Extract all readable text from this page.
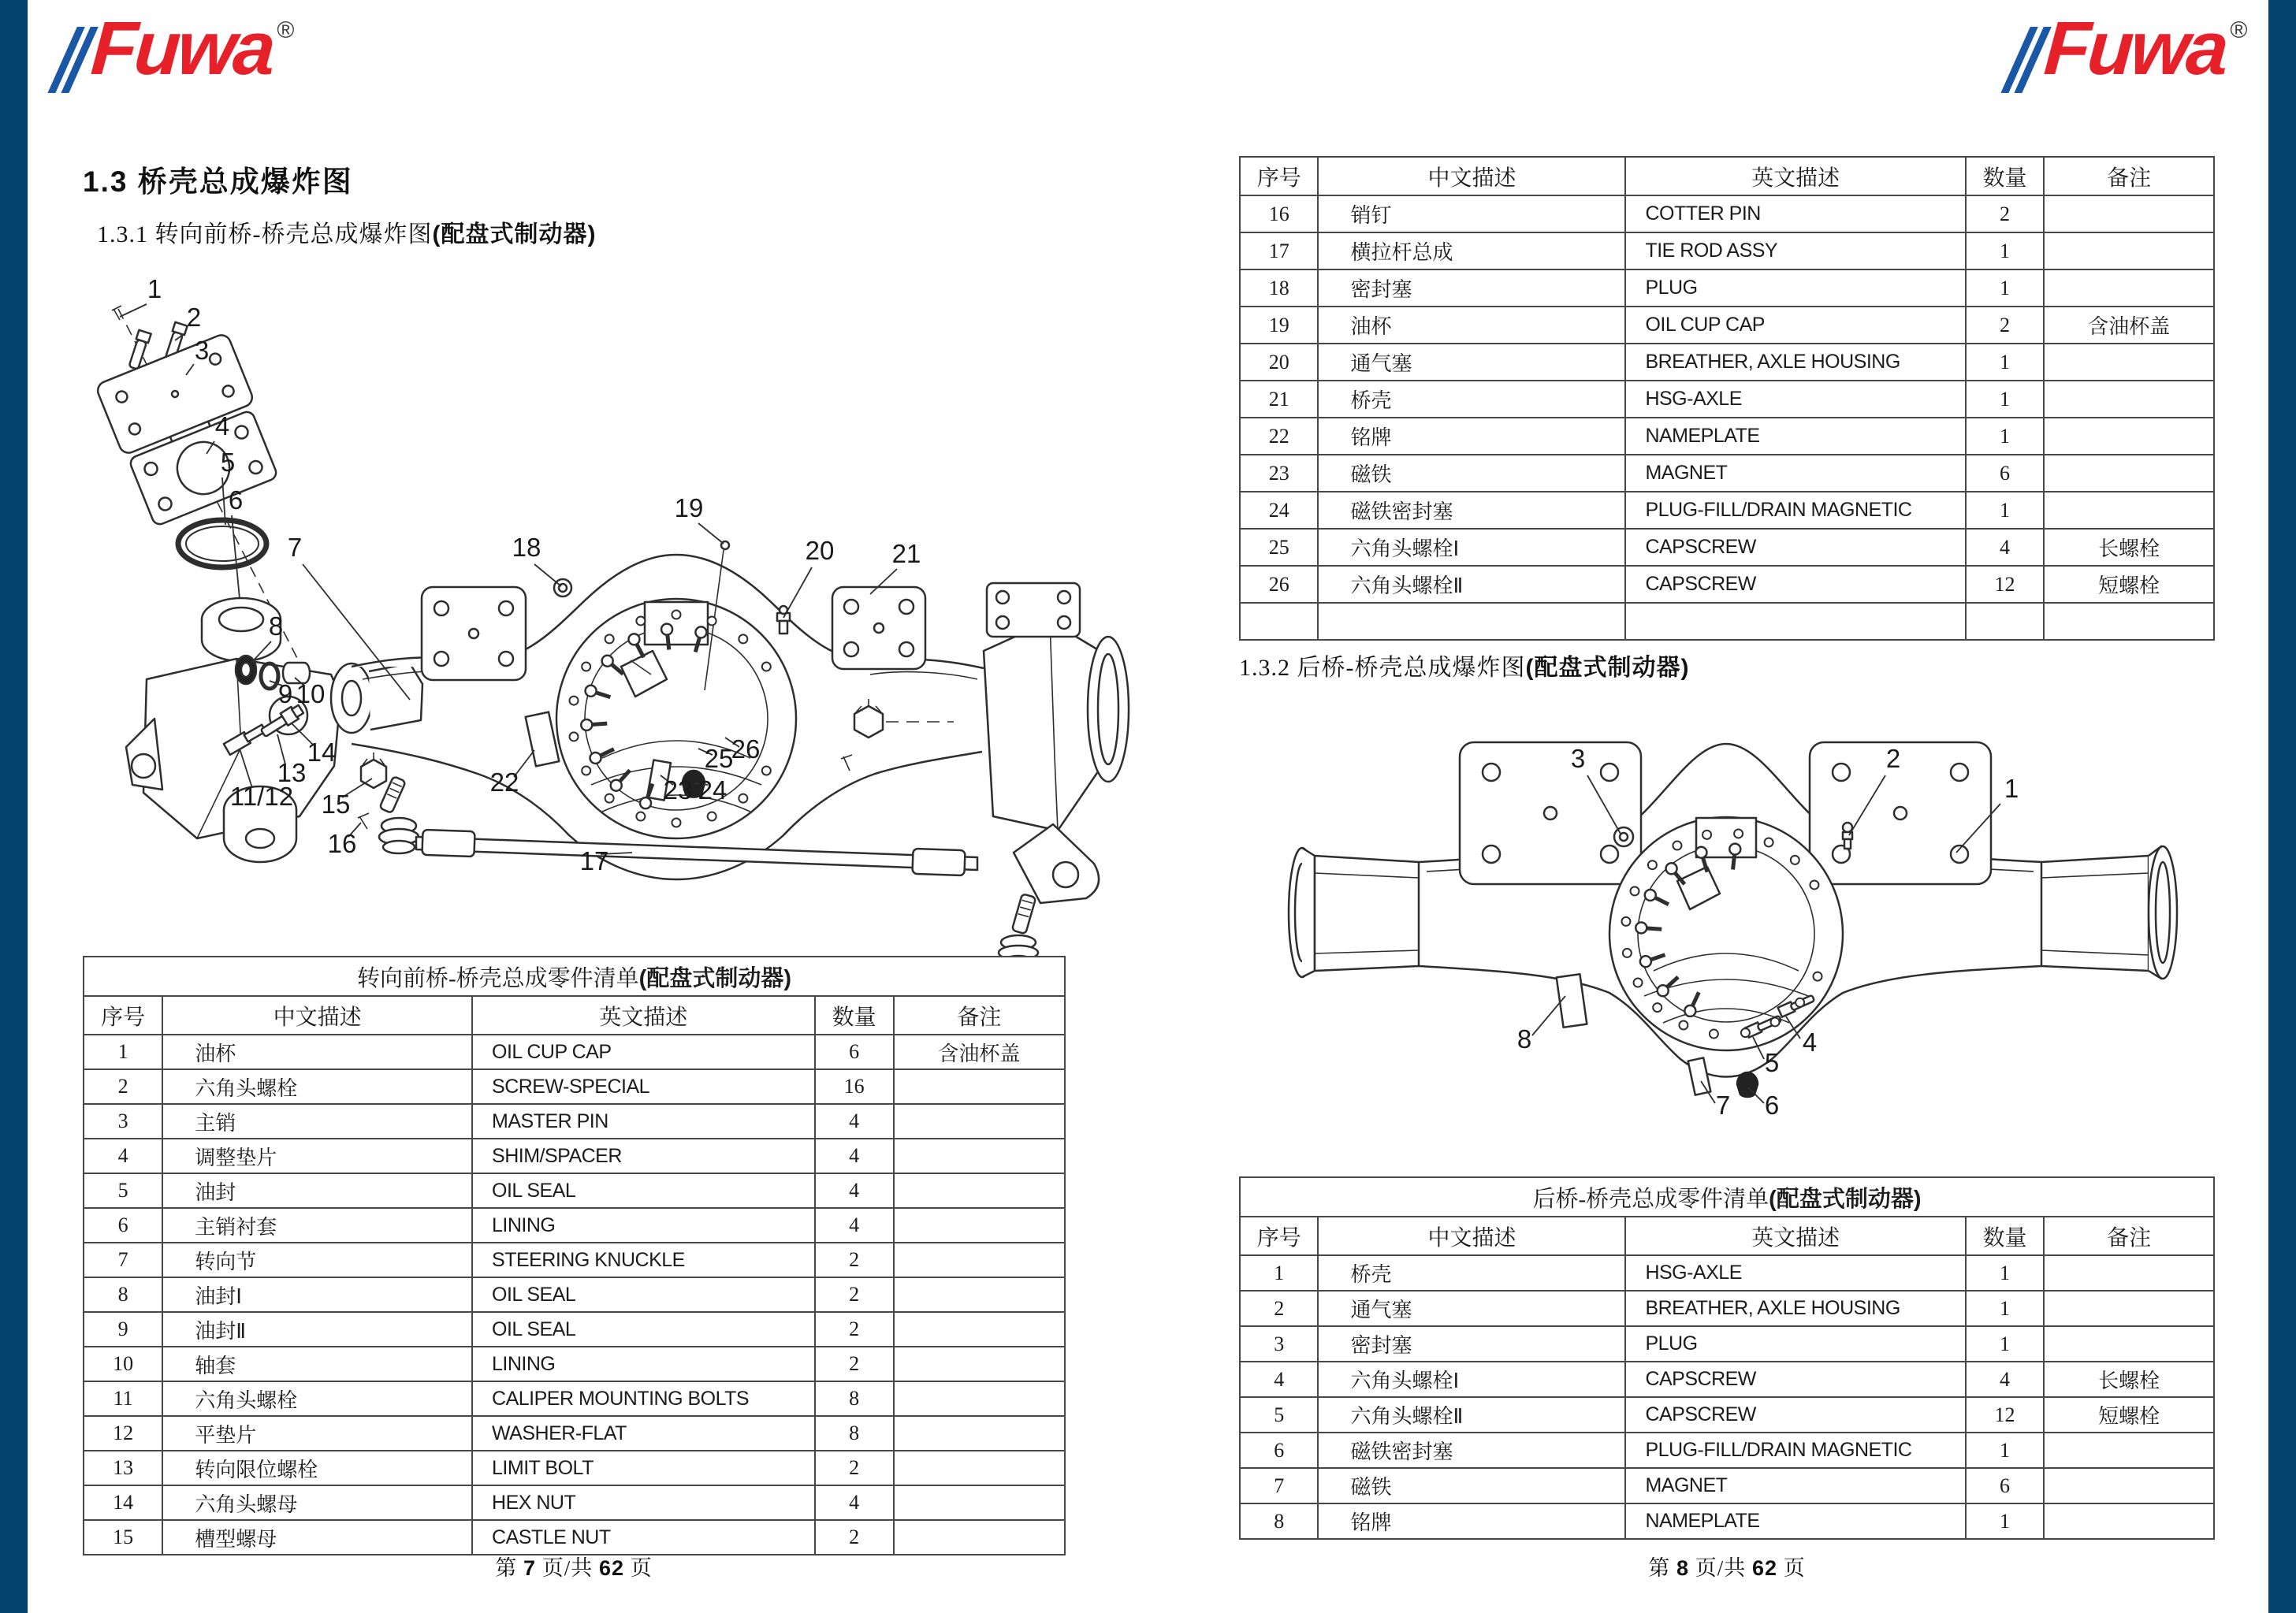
Fuwa ®	Fuwa ®
1.3 桥壳总成爆炸图
1.3.1 转向前桥-桥壳总成爆炸图(配盘式制动器)
1
2
3
4
5
6
7
8
9 10
11/12
13
14
15
16
17
18
19
20 21
22	23 24
25
26
转向前桥-桥壳总成零件清单(配盘式制动器)				
序号	中文描述	英文描述	数量	备注
1	油杯	OIL CUP CAP	6	含油杯盖
2	六角头螺栓	SCREW-SPECIAL	16	
3	主销	MASTER PIN	4	
4	调整垫片	SHIM/SPACER	4	
5	油封	OIL SEAL	4	
6	主销衬套	LINING	4	
7	转向节	STEERING KNUCKLE	2	
8	油封Ⅰ	OIL SEAL	2	
9	油封Ⅱ	OIL SEAL	2	
10	轴套	LINING	2	
11	六角头螺栓	CALIPER MOUNTING BOLTS	8	
12	平垫片	WASHER-FLAT	8	
13	转向限位螺栓	LIMIT BOLT	2	
14	六角头螺母	HEX NUT	4	
15	槽型螺母	CASTLE NUT	2	
第 7 页/共 62 页
序号	中文描述	英文描述	数量	备注
16	销钉	COTTER PIN	2	
17	横拉杆总成	TIE ROD ASSY	1	
18	密封塞	PLUG	1	
19	油杯	OIL CUP CAP	2	含油杯盖
20	通气塞	BREATHER, AXLE HOUSING	1	
21	桥壳	HSG-AXLE	1	
22	铭牌	NAMEPLATE	1	
23	磁铁	MAGNET	6	
24	磁铁密封塞	PLUG-FILL/DRAIN MAGNETIC	1	
25	六角头螺栓Ⅰ	CAPSCREW	4	长螺栓
26	六角头螺栓Ⅱ	CAPSCREW	12	短螺栓

1.3.2 后桥-桥壳总成爆炸图(配盘式制动器)
1
2
3
4
5
6
7
8
后桥-桥壳总成零件清单(配盘式制动器)				
序号	中文描述	英文描述	数量	备注
1	桥壳	HSG-AXLE	1	
2	通气塞	BREATHER, AXLE HOUSING	1	
3	密封塞	PLUG	1	
4	六角头螺栓Ⅰ	CAPSCREW	4	长螺栓
5	六角头螺栓Ⅱ	CAPSCREW	12	短螺栓
6	磁铁密封塞	PLUG-FILL/DRAIN MAGNETIC	1	
7	磁铁	MAGNET	6	
8	铭牌	NAMEPLATE	1	
第 8 页/共 62 页
